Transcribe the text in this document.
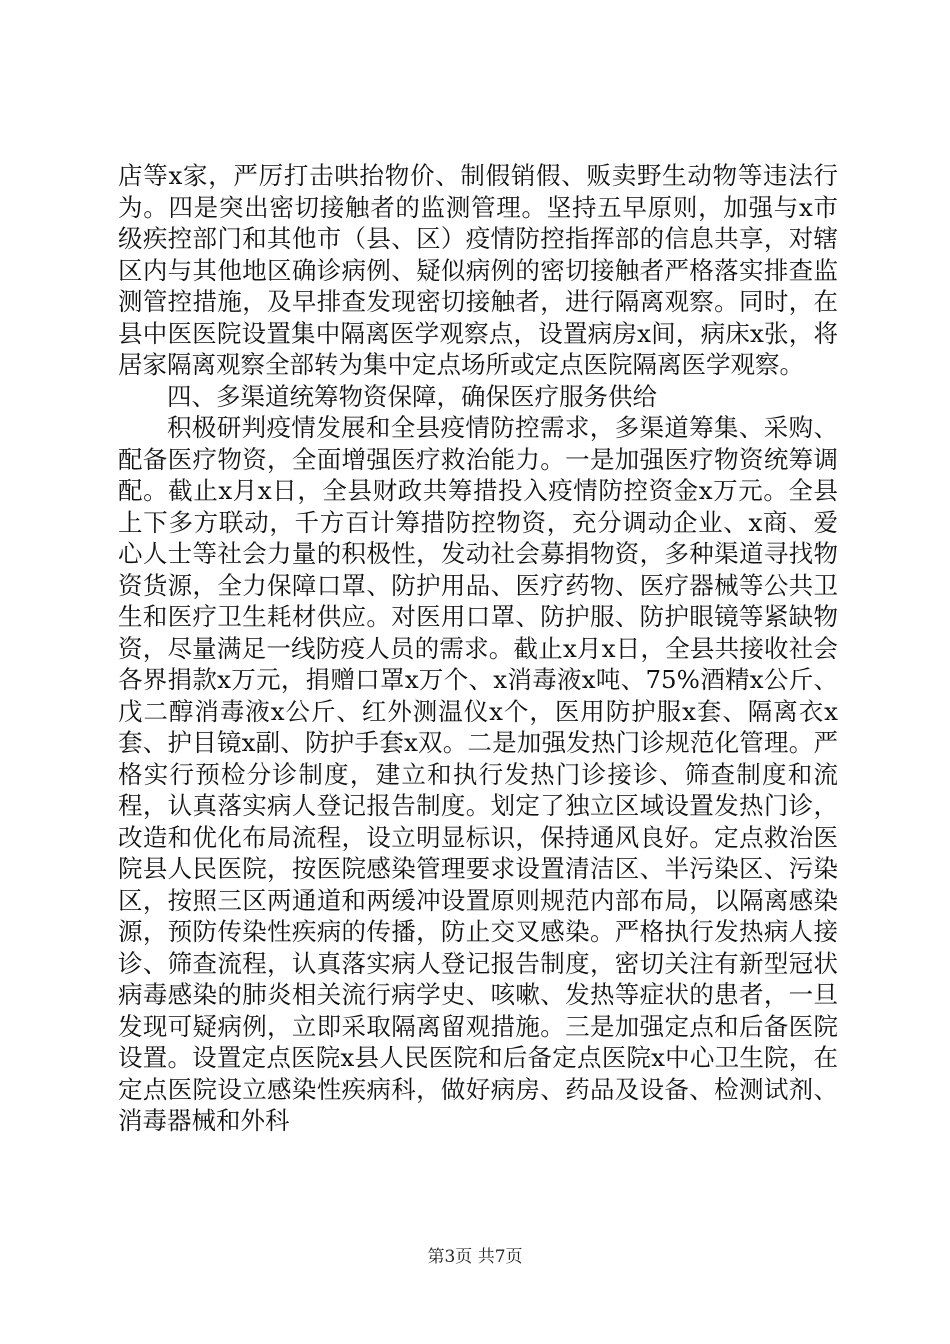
店等x家，严厉打击哄抬物价、制假销假、贩卖野生动物等违法行为。四是突出密切接触者的监测管理。坚持五早原则，加强与x市级疾控部门和其他市（县、区）疫情防控指挥部的信息共享，对辖区内与其他地区确诊病例、疑似病例的密切接触者严格落实排查监测管控措施，及早排查发现密切接触者，进行隔离观察。同时，在县中医医院设置集中隔离医学观察点，设置病房x间，病床x张，将居家隔离观察全部转为集中定点场所或定点医院隔离医学观察。

四、多渠道统筹物资保障，确保医疗服务供给

积极研判疫情发展和全县疫情防控需求，多渠道筹集、采购、配备医疗物资，全面增强医疗救治能力。一是加强医疗物资统筹调配。截止x月x日，全县财政共筹措投入疫情防控资金x万元。全县上下多方联动，千方百计筹措防控物资，充分调动企业、x商、爱心人士等社会力量的积极性，发动社会募捐物资，多种渠道寻找物资货源，全力保障口罩、防护用品、医疗药物、医疗器械等公共卫生和医疗卫生耗材供应。对医用口罩、防护服、防护眼镜等紧缺物资，尽量满足一线防疫人员的需求。截止x月x日，全县共接收社会各界捐款x万元，捐赠口罩x万个、x消毒液x吨、75%酒精x公斤、戊二醇消毒液x公斤、红外测温仪x个，医用防护服x套、隔离衣x套、护目镜x副、防护手套x双。二是加强发热门诊规范化管理。严格实行预检分诊制度，建立和执行发热门诊接诊、筛查制度和流程，认真落实病人登记报告制度。划定了独立区域设置发热门诊，改造和优化布局流程，设立明显标识，保持通风良好。定点救治医院县人民医院，按医院感染管理要求设置清洁区、半污染区、污染区，按照三区两通道和两缓冲设置原则规范内部布局，以隔离感染源，预防传染性疾病的传播，防止交叉感染。严格执行发热病人接诊、筛查流程，认真落实病人登记报告制度，密切关注有新型冠状病毒感染的肺炎相关流行病学史、咳嗽、发热等症状的患者，一旦发现可疑病例，立即采取隔离留观措施。三是加强定点和后备医院设置。设置定点医院x县人民医院和后备定点医院x中心卫生院，在定点医院设立感染性疾病科，做好病房、药品及设备、检测试剂、消毒器械和外科

第3页 共7页
